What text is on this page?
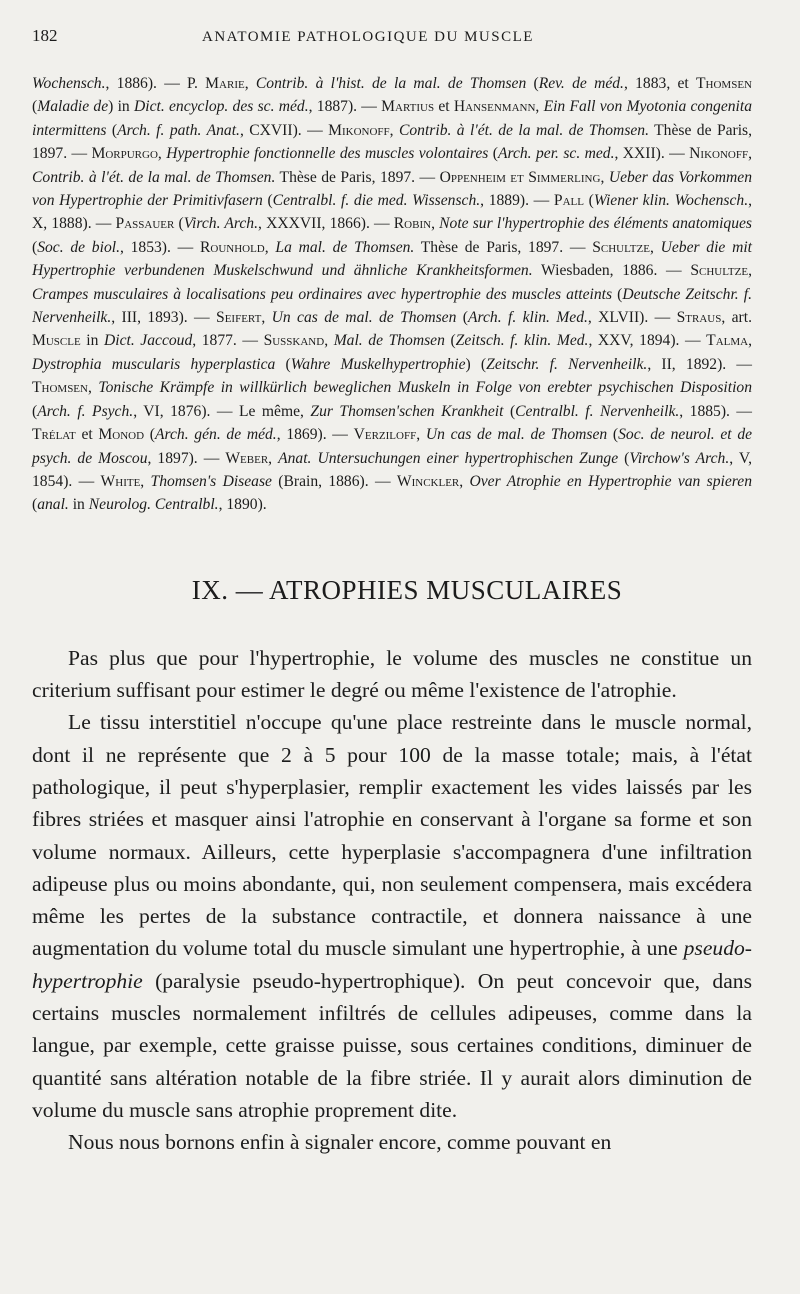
182	ANATOMIE PATHOLOGIQUE DU MUSCLE

Wochensch., 1886). — P. Marie, Contrib. à l'hist. de la mal. de Thomsen (Rev. de méd., 1883, et Thomsen (Maladie de) in Dict. encyclop. des sc. méd., 1887). — Martius et Hansenmann, Ein Fall von Myotonia congenita intermittens (Arch. f. path. Anat., CXVII). — Mikonoff, Contrib. à l'ét. de la mal. de Thomsen. Thèse de Paris, 1897. — Morpurgo, Hypertrophie fonctionnelle des muscles volontaires (Arch. per. sc. med., XXII). — Nikonoff, Contrib. à l'ét. de la mal. de Thomsen. Thèse de Paris, 1897. — Oppenheim et Simmerling, Ueber das Vorkommen von Hypertrophie der Primitivfasern (Centralbl. f. die med. Wissensch., 1889). — Pall (Wiener klin. Wochensch., X, 1888). — Passauer (Virch. Arch., XXXVII, 1866). — Robin, Note sur l'hypertrophie des éléments anatomiques (Soc. de biol., 1853). — Rounhold, La mal. de Thomsen. Thèse de Paris, 1897. — Schultze, Ueber die mit Hypertrophie verbundenen Muskelschwund und ähnliche Krankheitsformen. Wiesbaden, 1886. — Schultze, Crampes musculaires à localisations peu ordinaires avec hypertrophie des muscles atteints (Deutsche Zeitschr. f. Nervenheilk., III, 1893). — Seifert, Un cas de mal. de Thomsen (Arch. f. klin. Med., XLVII). — Straus, art. Muscle in Dict. Jaccoud, 1877. — Susskand, Mal. de Thomsen (Zeitsch. f. klin. Med., XXV, 1894). — Talma, Dystrophia muscularis hyperplastica (Wahre Muskelhypertrophie) (Zeitschr. f. Nervenheilk., II, 1892). — Thomsen, Tonische Krämpfe in willkürlich beweglichen Muskeln in Folge von erebter psychischen Disposition (Arch. f. Psych., VI, 1876). — Le même, Zur Thomsen'schen Krankheit (Centralbl. f. Nervenheilk., 1885). — Trélat et Monod (Arch. gén. de méd., 1869). — Verziloff, Un cas de mal. de Thomsen (Soc. de neurol. et de psych. de Moscou, 1897). — Weber, Anat. Untersuchungen einer hypertrophischen Zunge (Virchow's Arch., V, 1854). — White, Thomsen's Disease (Brain, 1886). — Winckler, Over Atrophie en Hypertrophie van spieren (anal. in Neurolog. Centralbl., 1890).

IX. — ATROPHIES MUSCULAIRES

Pas plus que pour l'hypertrophie, le volume des muscles ne constitue un criterium suffisant pour estimer le degré ou même l'existence de l'atrophie.

Le tissu interstitiel n'occupe qu'une place restreinte dans le muscle normal, dont il ne représente que 2 à 5 pour 100 de la masse totale; mais, à l'état pathologique, il peut s'hyperplasier, remplir exactement les vides laissés par les fibres striées et masquer ainsi l'atrophie en conservant à l'organe sa forme et son volume normaux. Ailleurs, cette hyperplasie s'accompagnera d'une infiltration adipeuse plus ou moins abondante, qui, non seulement compensera, mais excédera même les pertes de la substance contractile, et donnera naissance à une augmentation du volume total du muscle simulant une hypertrophie, à une pseudo-hypertrophie (paralysie pseudo-hypertrophique). On peut concevoir que, dans certains muscles normalement infiltrés de cellules adipeuses, comme dans la langue, par exemple, cette graisse puisse, sous certaines conditions, diminuer de quantité sans altération notable de la fibre striée. Il y aurait alors diminution de volume du muscle sans atrophie proprement dite.

Nous nous bornons enfin à signaler encore, comme pouvant en
